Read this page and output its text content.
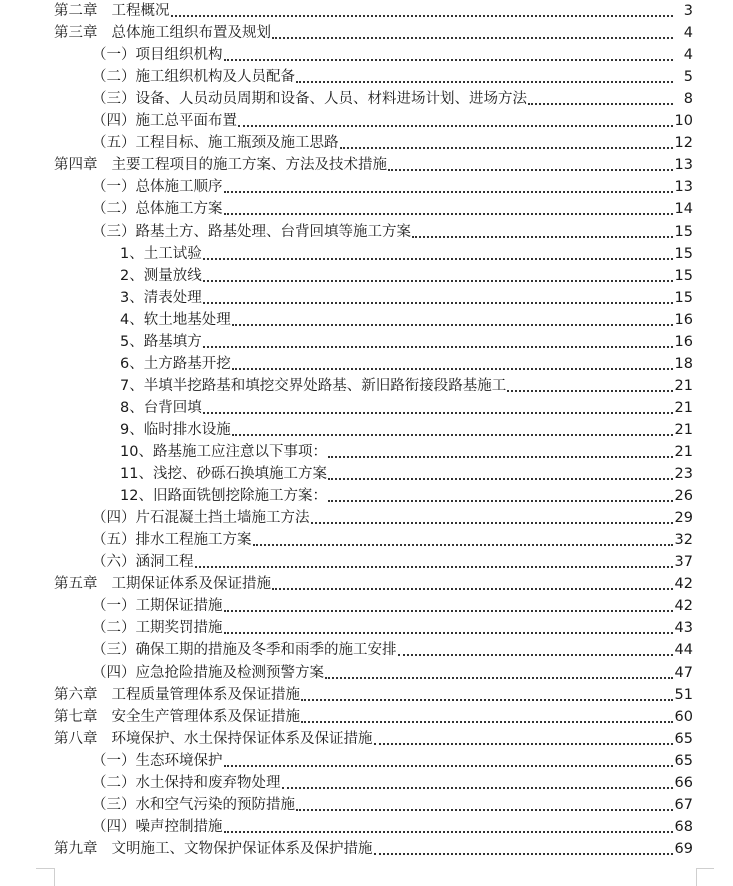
第二章 工程概况	3
第三章 总体施工组织布置及规划	4
（一）项目组织机构	4
（二）施工组织机构及人员配备	5
（三）设备、人员动员周期和设备、人员、材料进场计划、进场方法	8
（四）施工总平面布置	10
（五）工程目标、施工瓶颈及施工思路	12
第四章 主要工程项目的施工方案、方法及技术措施	13
（一）总体施工顺序	13
（二）总体施工方案	14
（三）路基土方、路基处理、台背回填等施工方案	15
1、土工试验	15
2、测量放线	15
3、清表处理	15
4、软土地基处理	16
5、路基填方	16
6、土方路基开挖	18
7、半填半挖路基和填挖交界处路基、新旧路衔接段路基施工	21
8、台背回填	21
9、临时排水设施	21
10、路基施工应注意以下事项：	21
11、浅挖、砂砾石换填施工方案	23
12、旧路面铣刨挖除施工方案：	26
（四）片石混凝土挡土墙施工方法	29
（五）排水工程施工方案	32
（六）涵洞工程	37
第五章 工期保证体系及保证措施	42
（一）工期保证措施	42
（二）工期奖罚措施	43
（三）确保工期的措施及冬季和雨季的施工安排	44
（四）应急抢险措施及检测预警方案	47
第六章 工程质量管理体系及保证措施	51
第七章 安全生产管理体系及保证措施	60
第八章 环境保护、水土保持保证体系及保证措施	65
（一）生态环境保护	65
（二）水土保持和废弃物处理	66
（三）水和空气污染的预防措施	67
（四）噪声控制措施	68
第九章 文明施工、文物保护保证体系及保护措施	69
